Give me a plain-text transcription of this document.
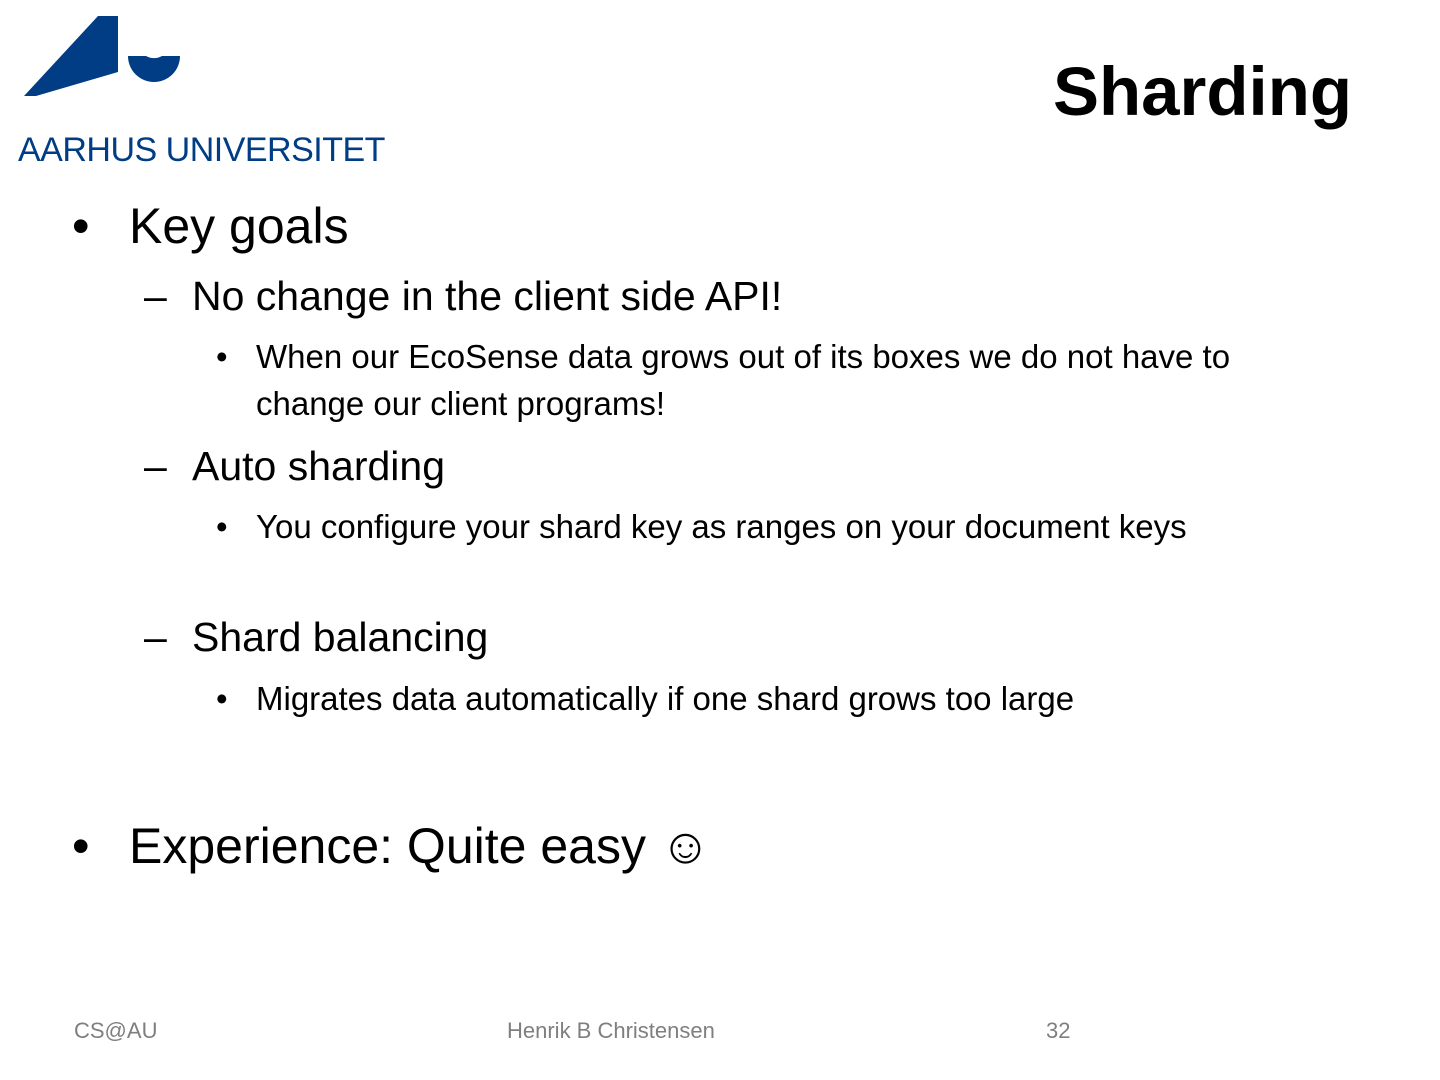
AARHUS UNIVERSITET
Sharding
• Key goals
– No change in the client side API!
• When our EcoSense data grows out of its boxes we do not have to change our client programs!
– Auto sharding
• You configure your shard key as ranges on your document keys
– Shard balancing
• Migrates data automatically if one shard grows too large
• Experience: Quite easy ☺
CS@AU	Henrik B Christensen	32
